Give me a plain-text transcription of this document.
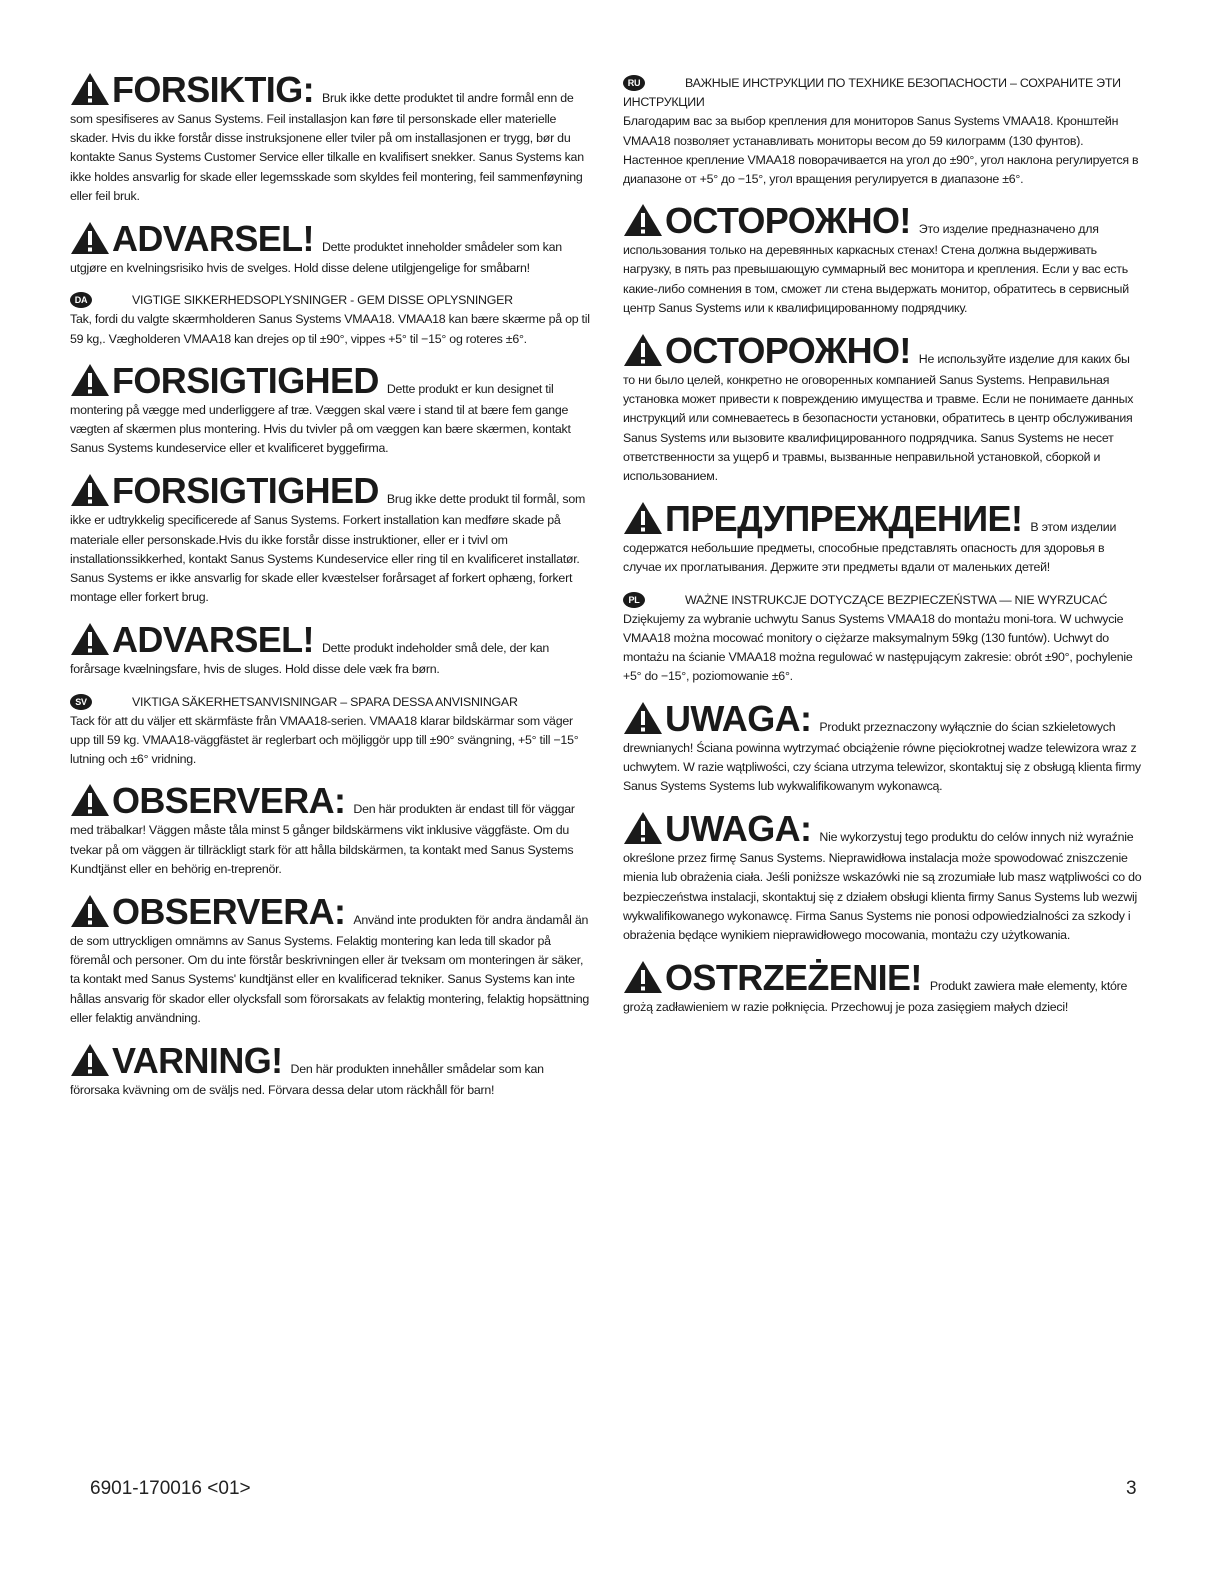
FORSIKTIG: Bruk ikke dette produktet til andre formål enn de som spesifiseres av Sanus Systems. Feil installasjon kan føre til personskade eller materielle skader. Hvis du ikke forstår disse instruksjonene eller tviler på om installasjonen er trygg, bør du kontakte Sanus Systems Customer Service eller tilkalle en kvalifisert snekker. Sanus Systems kan ikke holdes ansvarlig for skade eller legemsskade som skyldes feil montering, feil sammenføyning eller feil bruk.

ADVARSEL! Dette produktet inneholder smådeler som kan utgjøre en kvelningsrisiko hvis de svelges. Hold disse delene utilgjengelige for småbarn!

DA	VIGTIGE SIKKERHEDSOPLYSNINGER - GEM DISSE OPLYSNINGER
Tak, fordi du valgte skærmholderen Sanus Systems VMAA18. VMAA18 kan bære skærme på op til 59 kg,. Vægholderen VMAA18 kan drejes op til ±90°, vippes +5° til −15° og roteres ±6°.

FORSIGTIGHED Dette produkt er kun designet til montering på vægge med underliggere af træ. Væggen skal være i stand til at bære fem gange vægten af skærmen plus montering. Hvis du tvivler på om væggen kan bære skærmen, kontakt Sanus Systems kundeservice eller et kvalificeret byggefirma.

FORSIGTIGHED Brug ikke dette produkt til formål, som ikke er udtrykkelig specificerede af Sanus Systems. Forkert installation kan medføre skade på materiale eller personskade.Hvis du ikke forstår disse instruktioner, eller er i tvivl om installationssikkerhed, kontakt Sanus Systems Kundeservice eller ring til en kvalificeret installatør. Sanus Systems er ikke ansvarlig for skade eller kvæstelser forårsaget af forkert ophæng, forkert montage eller forkert brug.

ADVARSEL! Dette produkt indeholder små dele, der kan forårsage kvælningsfare, hvis de sluges. Hold disse dele væk fra børn.

SV	VIKTIGA SÄKERHETSANVISNINGAR – SPARA DESSA ANVISNINGAR
Tack för att du väljer ett skärmfäste från VMAA18-serien. VMAA18 klarar bildskärmar som väger upp till 59 kg. VMAA18-väggfästet är reglerbart och möjliggör upp till ±90° svängning, +5° till −15° lutning och ±6° vridning.

OBSERVERA: Den här produkten är endast till för väggar med träbalkar! Väggen måste tåla minst 5 gånger bildskärmens vikt inklusive väggfäste. Om du tvekar på om väggen är tillräckligt stark för att hålla bildskärmen, ta kontakt med Sanus Systems Kundtjänst eller en behörig en-treprenör.

OBSERVERA: Använd inte produkten för andra ändamål än de som uttryckligen omnämns av Sanus Systems. Felaktig montering kan leda till skador på föremål och personer. Om du inte förstår beskrivningen eller är tveksam om monteringen är säker, ta kontakt med Sanus Systems' kundtjänst eller en kvalificerad tekniker. Sanus Systems kan inte hållas ansvarig för skador eller olycksfall som förorsakats av felaktig montering, felaktig hopsättning eller felaktig användning.

VARNING! Den här produkten innehåller smådelar som kan förorsaka kvävning om de sväljs ned. Förvara dessa delar utom räckhåll för barn!

RU	ВАЖНЫЕ ИНСТРУКЦИИ ПО ТЕХНИКЕ БЕЗОПАСНОСТИ – СОХРАНИТЕ ЭТИ ИНСТРУКЦИИ
Благодарим вас за выбор крепления для мониторов Sanus Systems VMAA18. Кронштейн VMAA18 позволяет устанавливать мониторы весом до 59 килограмм (130 фунтов). Настенное крепление VMAA18 поворачивается на угол до ±90°, угол наклона регулируется в диапазоне от +5° до −15°, угол вращения регулируется в диапазоне ±6°.

ОСТОРОЖНО! Это изделие предназначено для использования только на деревянных каркасных стенах! Стена должна выдерживать нагрузку, в пять раз превышающую суммарный вес монитора и крепления. Если у вас есть какие-либо сомнения в том, сможет ли стена выдержать монитор, обратитесь в сервисный центр Sanus Systems или к квалифицированному подрядчику.

ОСТОРОЖНО! Не используйте изделие для каких бы то ни было целей, конкретно не оговоренных компанией Sanus Systems. Неправильная установка может привести к повреждению имущества и травме. Если не понимаете данных инструкций или сомневаетесь в безопасности установки, обратитесь в центр обслуживания Sanus Systems или вызовите квалифицированного подрядчика. Sanus Systems не несет ответственности за ущерб и травмы, вызванные неправильной установкой, сборкой и использованием.

ПРЕДУПРЕЖДЕНИЕ! В этом изделии содержатся небольшие предметы, способные представлять опасность для здоровья в случае их проглатывания. Держите эти предметы вдали от маленьких детей!

PL	WAŻNE INSTRUKCJE DOTYCZĄCE BEZPIECZEŃSTWA — NIE WYRZUCAĆ
Dziękujemy za wybranie uchwytu Sanus Systems VMAA18 do montażu moni-tora. W uchwycie VMAA18 można mocować monitory o ciężarze maksymalnym 59kg (130 funtów). Uchwyt do montażu na ścianie VMAA18 można regulować w następującym zakresie: obrót ±90°, pochylenie +5° do −15°, poziomowanie ±6°.

UWAGA: Produkt przeznaczony wyłącznie do ścian szkieletowych drewnianych! Ściana powinna wytrzymać obciążenie równe pięciokrotnej wadze telewizora wraz z uchwytem. W razie wątpliwości, czy ściana utrzyma telewizor, skontaktuj się z obsługą klienta firmy Sanus Systems Systems lub wykwalifikowanym wykonawcą.

UWAGA: Nie wykorzystuj tego produktu do celów innych niż wyraźnie określone przez firmę Sanus Systems. Nieprawidłowa instalacja może spowodować zniszczenie mienia lub obrażenia ciała. Jeśli poniższe wskazówki nie są zrozumiałe lub masz wątpliwości co do bezpieczeństwa instalacji, skontaktuj się z działem obsługi klienta firmy Sanus Systems lub wezwij wykwalifikowanego wykonawcę. Firma Sanus Systems nie ponosi odpowiedzialności za szkody i obrażenia będące wynikiem nieprawidłowego mocowania, montażu czy użytkowania.

OSTRZEŻENIE! Produkt zawiera małe elementy, które grożą zadławieniem w razie połknięcia. Przechowuj je poza zasięgiem małych dzieci!

6901-170016 <01>	3
